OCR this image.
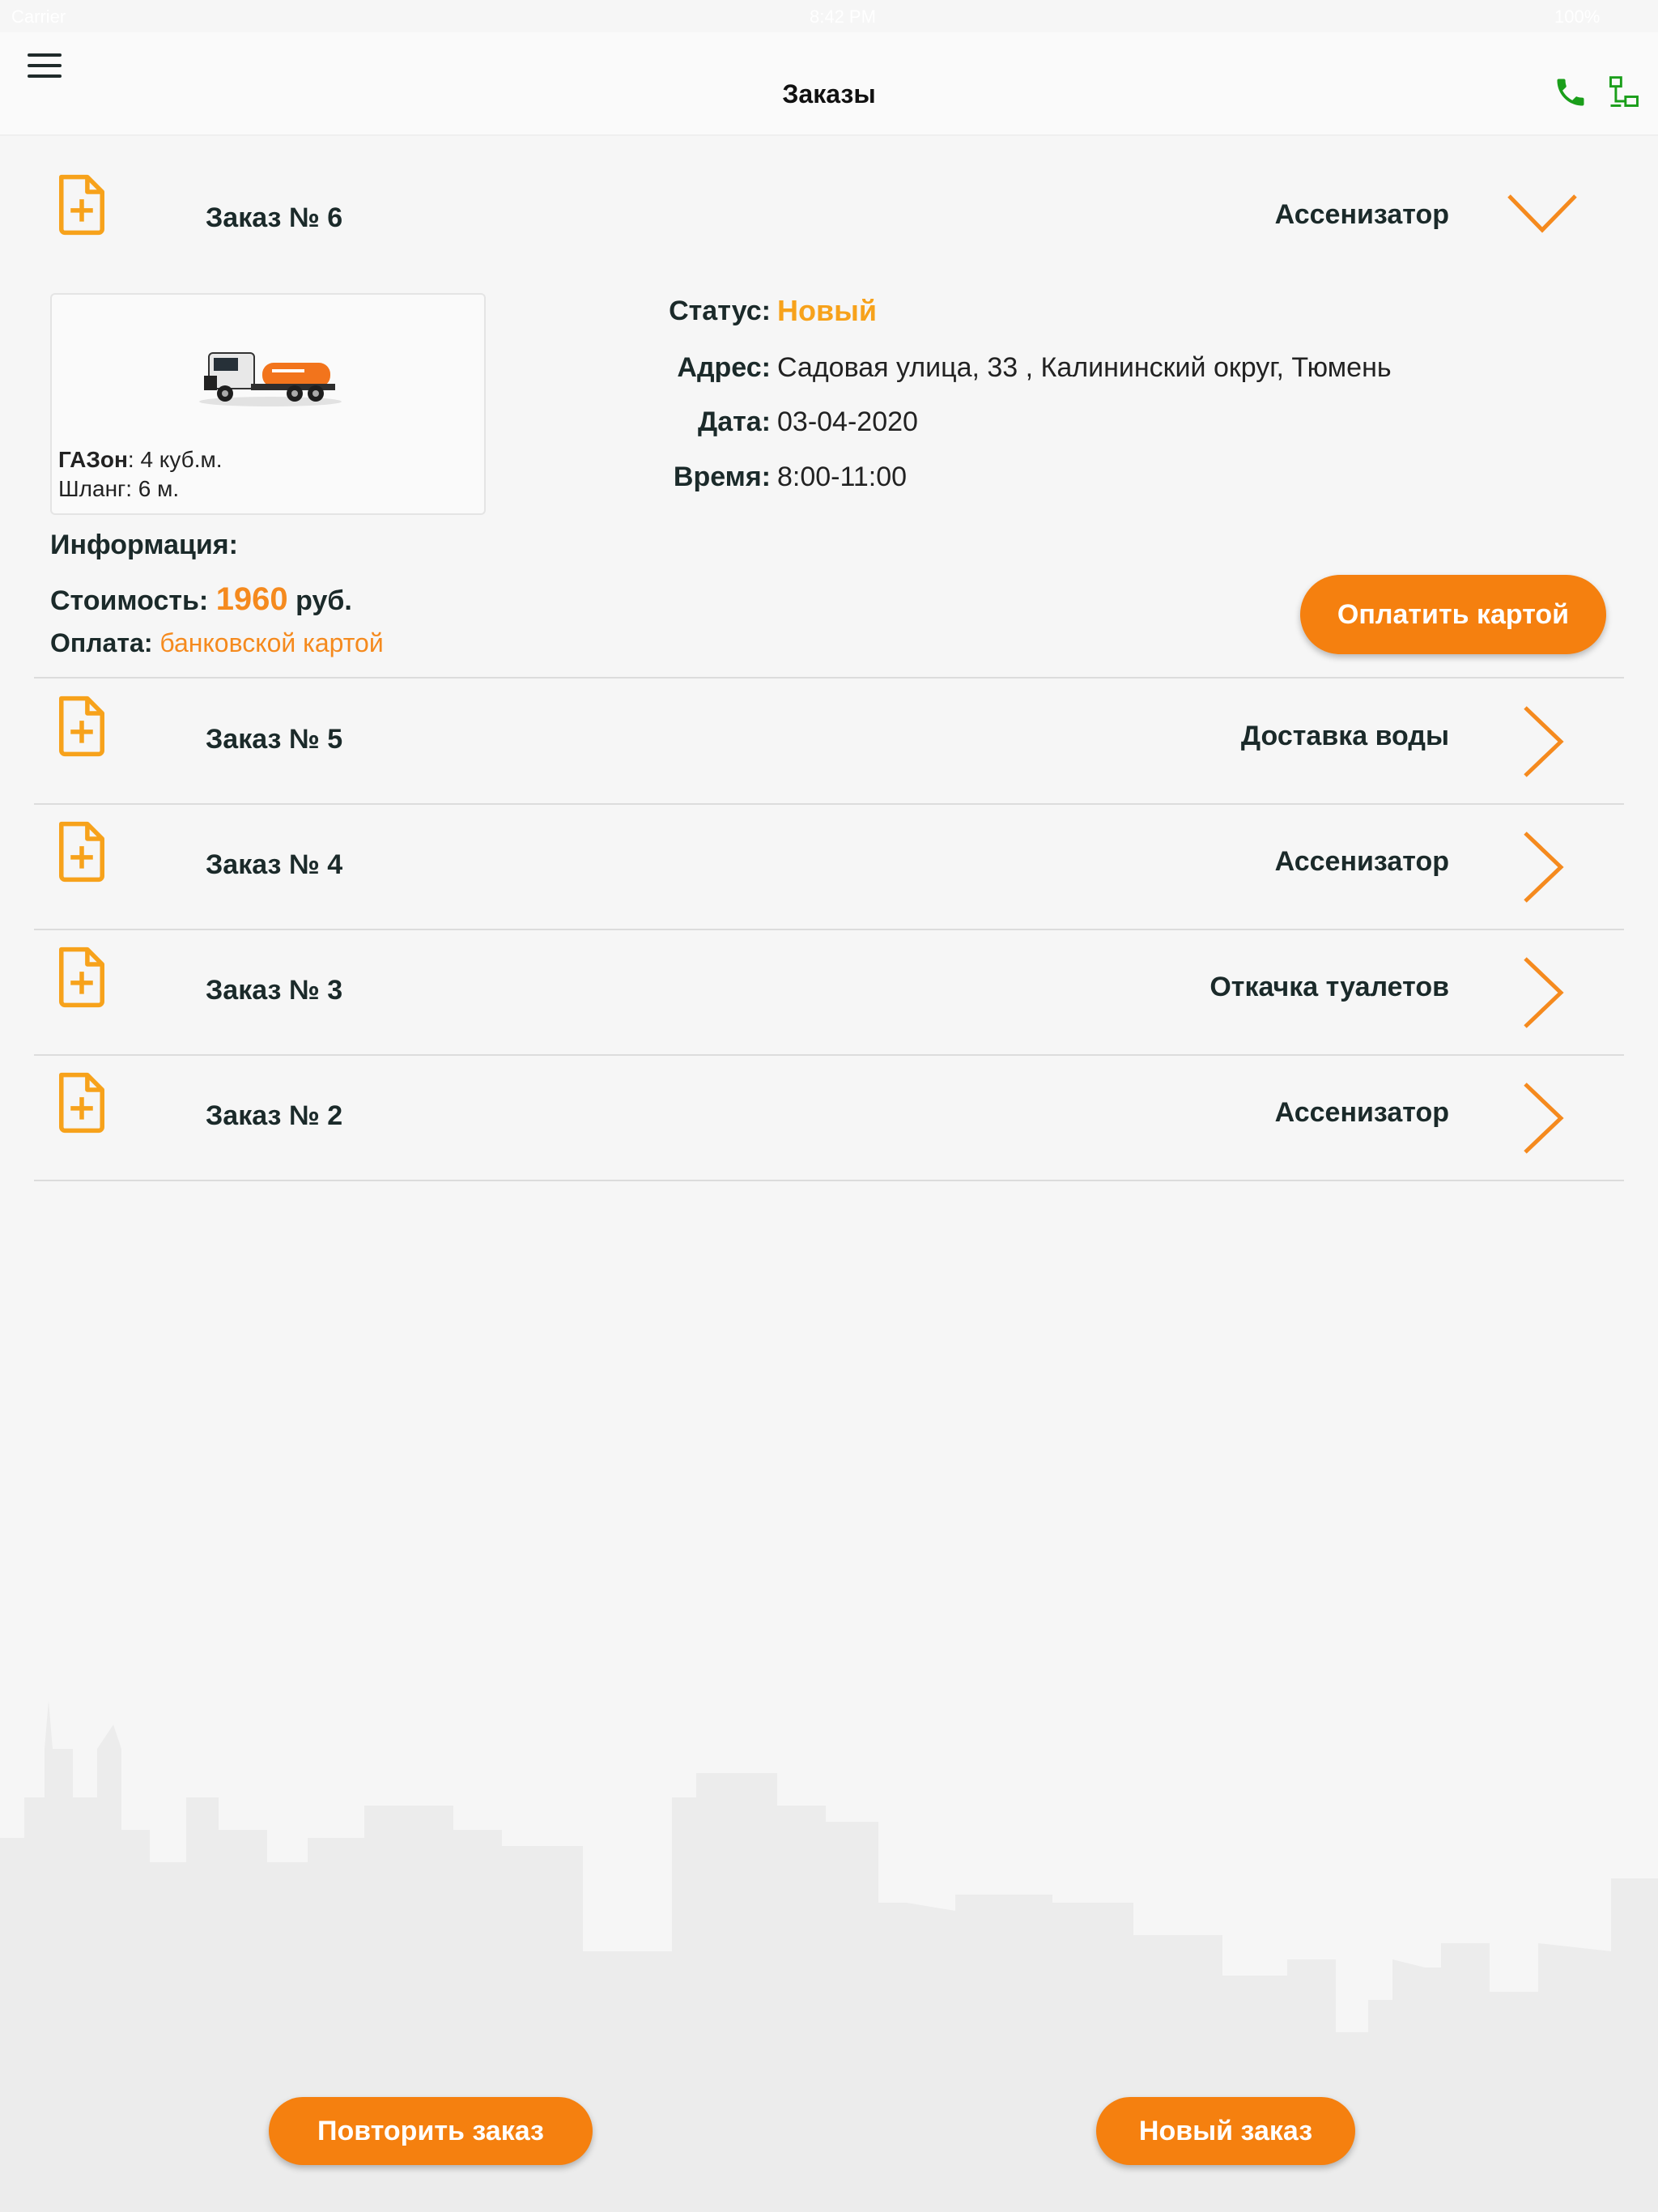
Carrier	8:42 PM	100%
Заказы
Заказ № 6	Ассенизатор
ГАЗон: 4 куб.м.
Шланг: 6 м.
Статус: Новый
Адрес: Садовая улица, 33 , Калининский округ, Тюмень
Дата: 03-04-2020
Время: 8:00-11:00
Информация:
Стоимость: 1960 руб.
Оплата: банковской картой
Оплатить картой
Заказ № 5	Доставка воды
Заказ № 4	Ассенизатор
Заказ № 3	Откачка туалетов
Заказ № 2	Ассенизатор
Повторить заказ	Новый заказ
